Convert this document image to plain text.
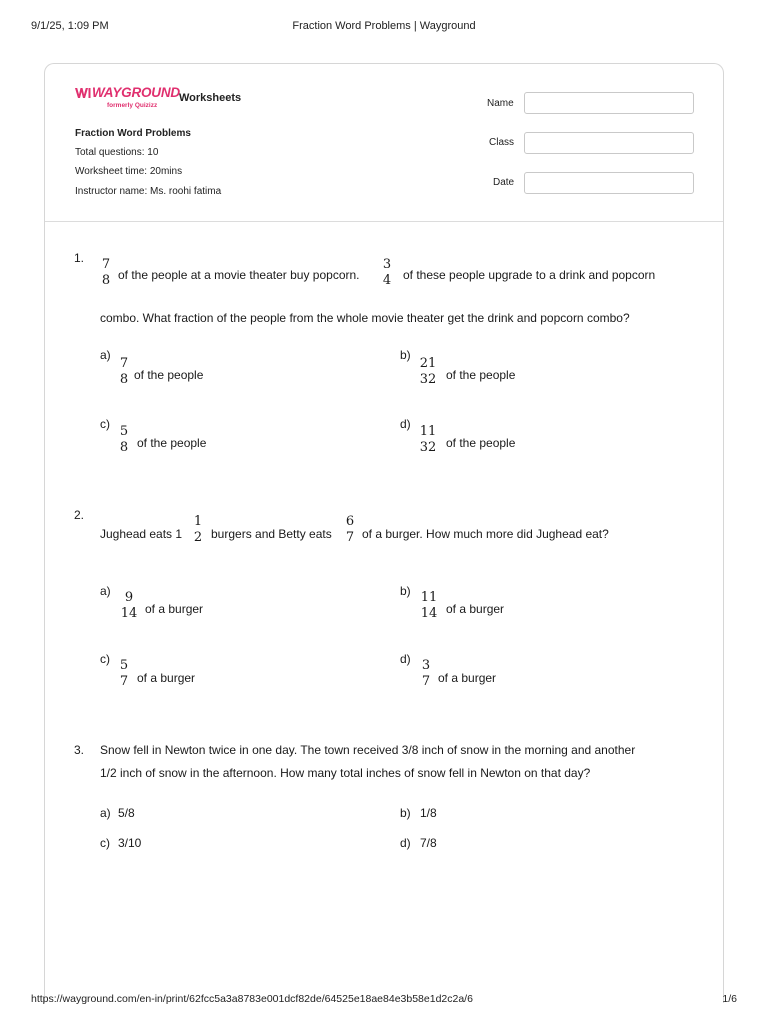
9/1/25, 1:09 PM	Fraction Word Problems | Wayground
WAYGROUND
formerly Quizizz
Worksheets
Fraction Word Problems
Total questions: 10
Worksheet time: 20mins
Instructor name: Ms. roohi fatima
Name
Class
Date
1.	7
8 of the people at a movie theater buy popcorn.
3
4 of these people upgrade to a drink and popcorn
combo. What fraction of the people from the whole movie theater get the drink and popcorn combo?
a)
7
8 of the people
b)
21
32 of the people
c) 5
8 of the people
d) 11
32 of the people
2.
Jughead eats 1
1
2 burgers and Betty eats
6
7 of a burger. How much more did Jughead eat?
a)	9
14 of a burger
b) 11
14 of a burger
c) 5
7 of a burger
d) 3
7 of a burger
3. Snow fell in Newton twice in one day. The town received 3/8 inch of snow in the morning and another
1/2 inch of snow in the afternoon. How many total inches of snow fell in Newton on that day?
a) 5/8	b) 1/8
c) 3/10	d) 7/8
https://wayground.com/en-in/print/62fcc5a3a8783e001dcf82de/64525e18ae84e3b58e1d2c2a/6	1/6
